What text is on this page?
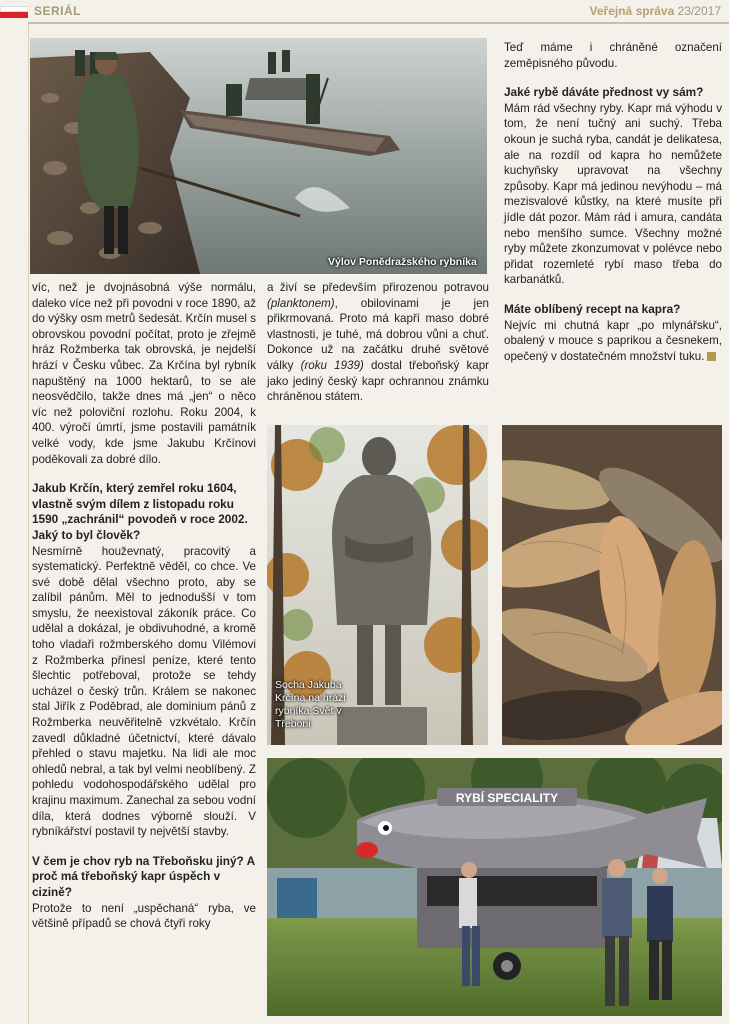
SERIÁL	Veřejná správa 23/2017
Výlov Ponědražského rybníka

víc, než je dvojnásobná výše normálu, daleko více než při povodni v roce 1890, až do výšky osm metrů šedesát. Krčín musel s obrovskou povodní počítat, proto je zřejmě hráz Rožmberka tak obrovská, je nejdelší hrází v Česku vůbec. Za Krčína byl rybník napuštěný na 1000 hektarů, to se ale neosvědčilo, takže dnes má „jen“ o něco víc než poloviční rozlohu. Roku 2004, k 400. výročí úmrtí, jsme postavili památník velké vody, kde jsme Jakubu Krčínovi poděkovali za dobré dílo.

Jakub Krčín, který zemřel roku 1604, vlastně svým dílem z listopadu roku 1590 „zachránil“ povodeň v roce 2002. Jaký to byl člověk?

Nesmírně houževnatý, pracovitý a systematický. Perfektně věděl, co chce. Ve své době dělal všechno proto, aby se zalíbil pánům. Měl to jednodušší v tom smyslu, že neexistoval zákoník práce. Co udělal a dokázal, je obdivuhodné, a kromě toho vladaři rožmberského domu Vilémovi z Rožmberka přinesl peníze, které tento šlechtic potřeboval, protože se tehdy ucházel o český trůn. Králem se nakonec stal Jiřík z Poděbrad, ale dominium pánů z Rožmberka neuvěřitelně vzkvétalo. Krčín zavedl důkladné účetnictví, které dávalo přehled o stavu majetku. Na lidi ale moc ohledů nebral, a tak byl velmi neoblíbený. Z pohledu vodohospodářského udělal pro krajinu maximum. Zanechal za sebou vodní díla, která dodnes výborně slouží. V rybníkářství postavil ty největší stavby.

V čem je chov ryb na Třeboňsku jiný? A proč má třeboňský kapr úspěch v cizině?

Protože to není „uspěchaná“ ryba, ve většině případů se chová čtyři roky

a živí se především přirozenou potravou (planktonem), obilovinami je jen přikrmovaná. Proto má kapří maso dobré vlastnosti, je tuhé, má dobrou vůni a chuť. Dokonce už na začátku druhé světové války (roku 1939) dostal třeboňský kapr jako jediný český kapr ochrannou známku chráněnou státem.

Teď máme i chráněné označení zeměpisného původu.

Jaké rybě dáváte přednost vy sám?

Mám rád všechny ryby. Kapr má výhodu v tom, že není tučný ani suchý. Třeba okoun je suchá ryba, candát je delikatesa, ale na rozdíl od kapra ho nemůžete kuchyňsky upravovat na všechny způsoby. Kapr má jedinou nevýhodu – má mezisvalové kůstky, na které musíte při jídle dát pozor. Mám rád i amura, candáta nebo menšího sumce. Všechny možné ryby můžete zkonzumovat v polévce nebo přidat rozemleté rybí maso třeba do karbanátků.

Máte oblíbený recept na kapra?

Nejvíc mi chutná kapr „po mlynářsku“, obalený v mouce s paprikou a česnekem, opečený v dostatečném množství tuku.

Socha Jakuba Krčína na hrázi rybníka Svět v Třeboni
RYBÍ SPECIALITY
